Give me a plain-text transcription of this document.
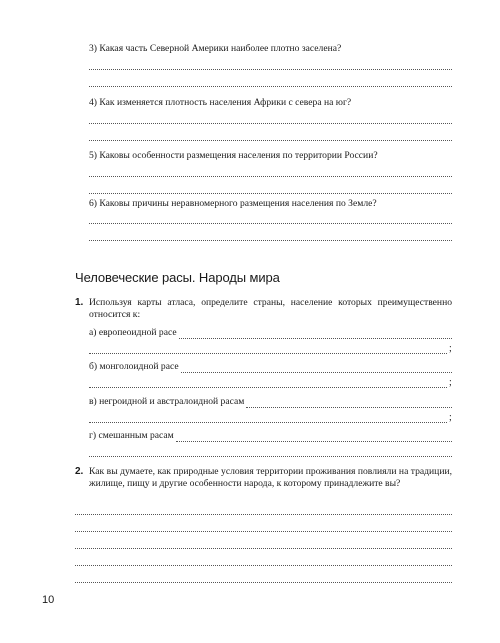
3) Какая часть Северной Америки наиболее плотно заселена?
4) Как изменяется плотность населения Африки с севера на юг?
5) Каковы особенности размещения населения по территории России?
6) Каковы причины неравномерного размещения населения по Земле?
Человеческие расы. Народы мира
1. Используя карты атласа, определите страны, население которых преимущественно относится к:
а) европеоидной расе
;
б) монголоидной расе
;
в) негроидной и австралоидной расам
;
г) смешанным расам
2. Как вы думаете, как природные условия территории проживания повлияли на традиции, жилище, пищу и другие особенности народа, к которому принадлежите вы?
10
